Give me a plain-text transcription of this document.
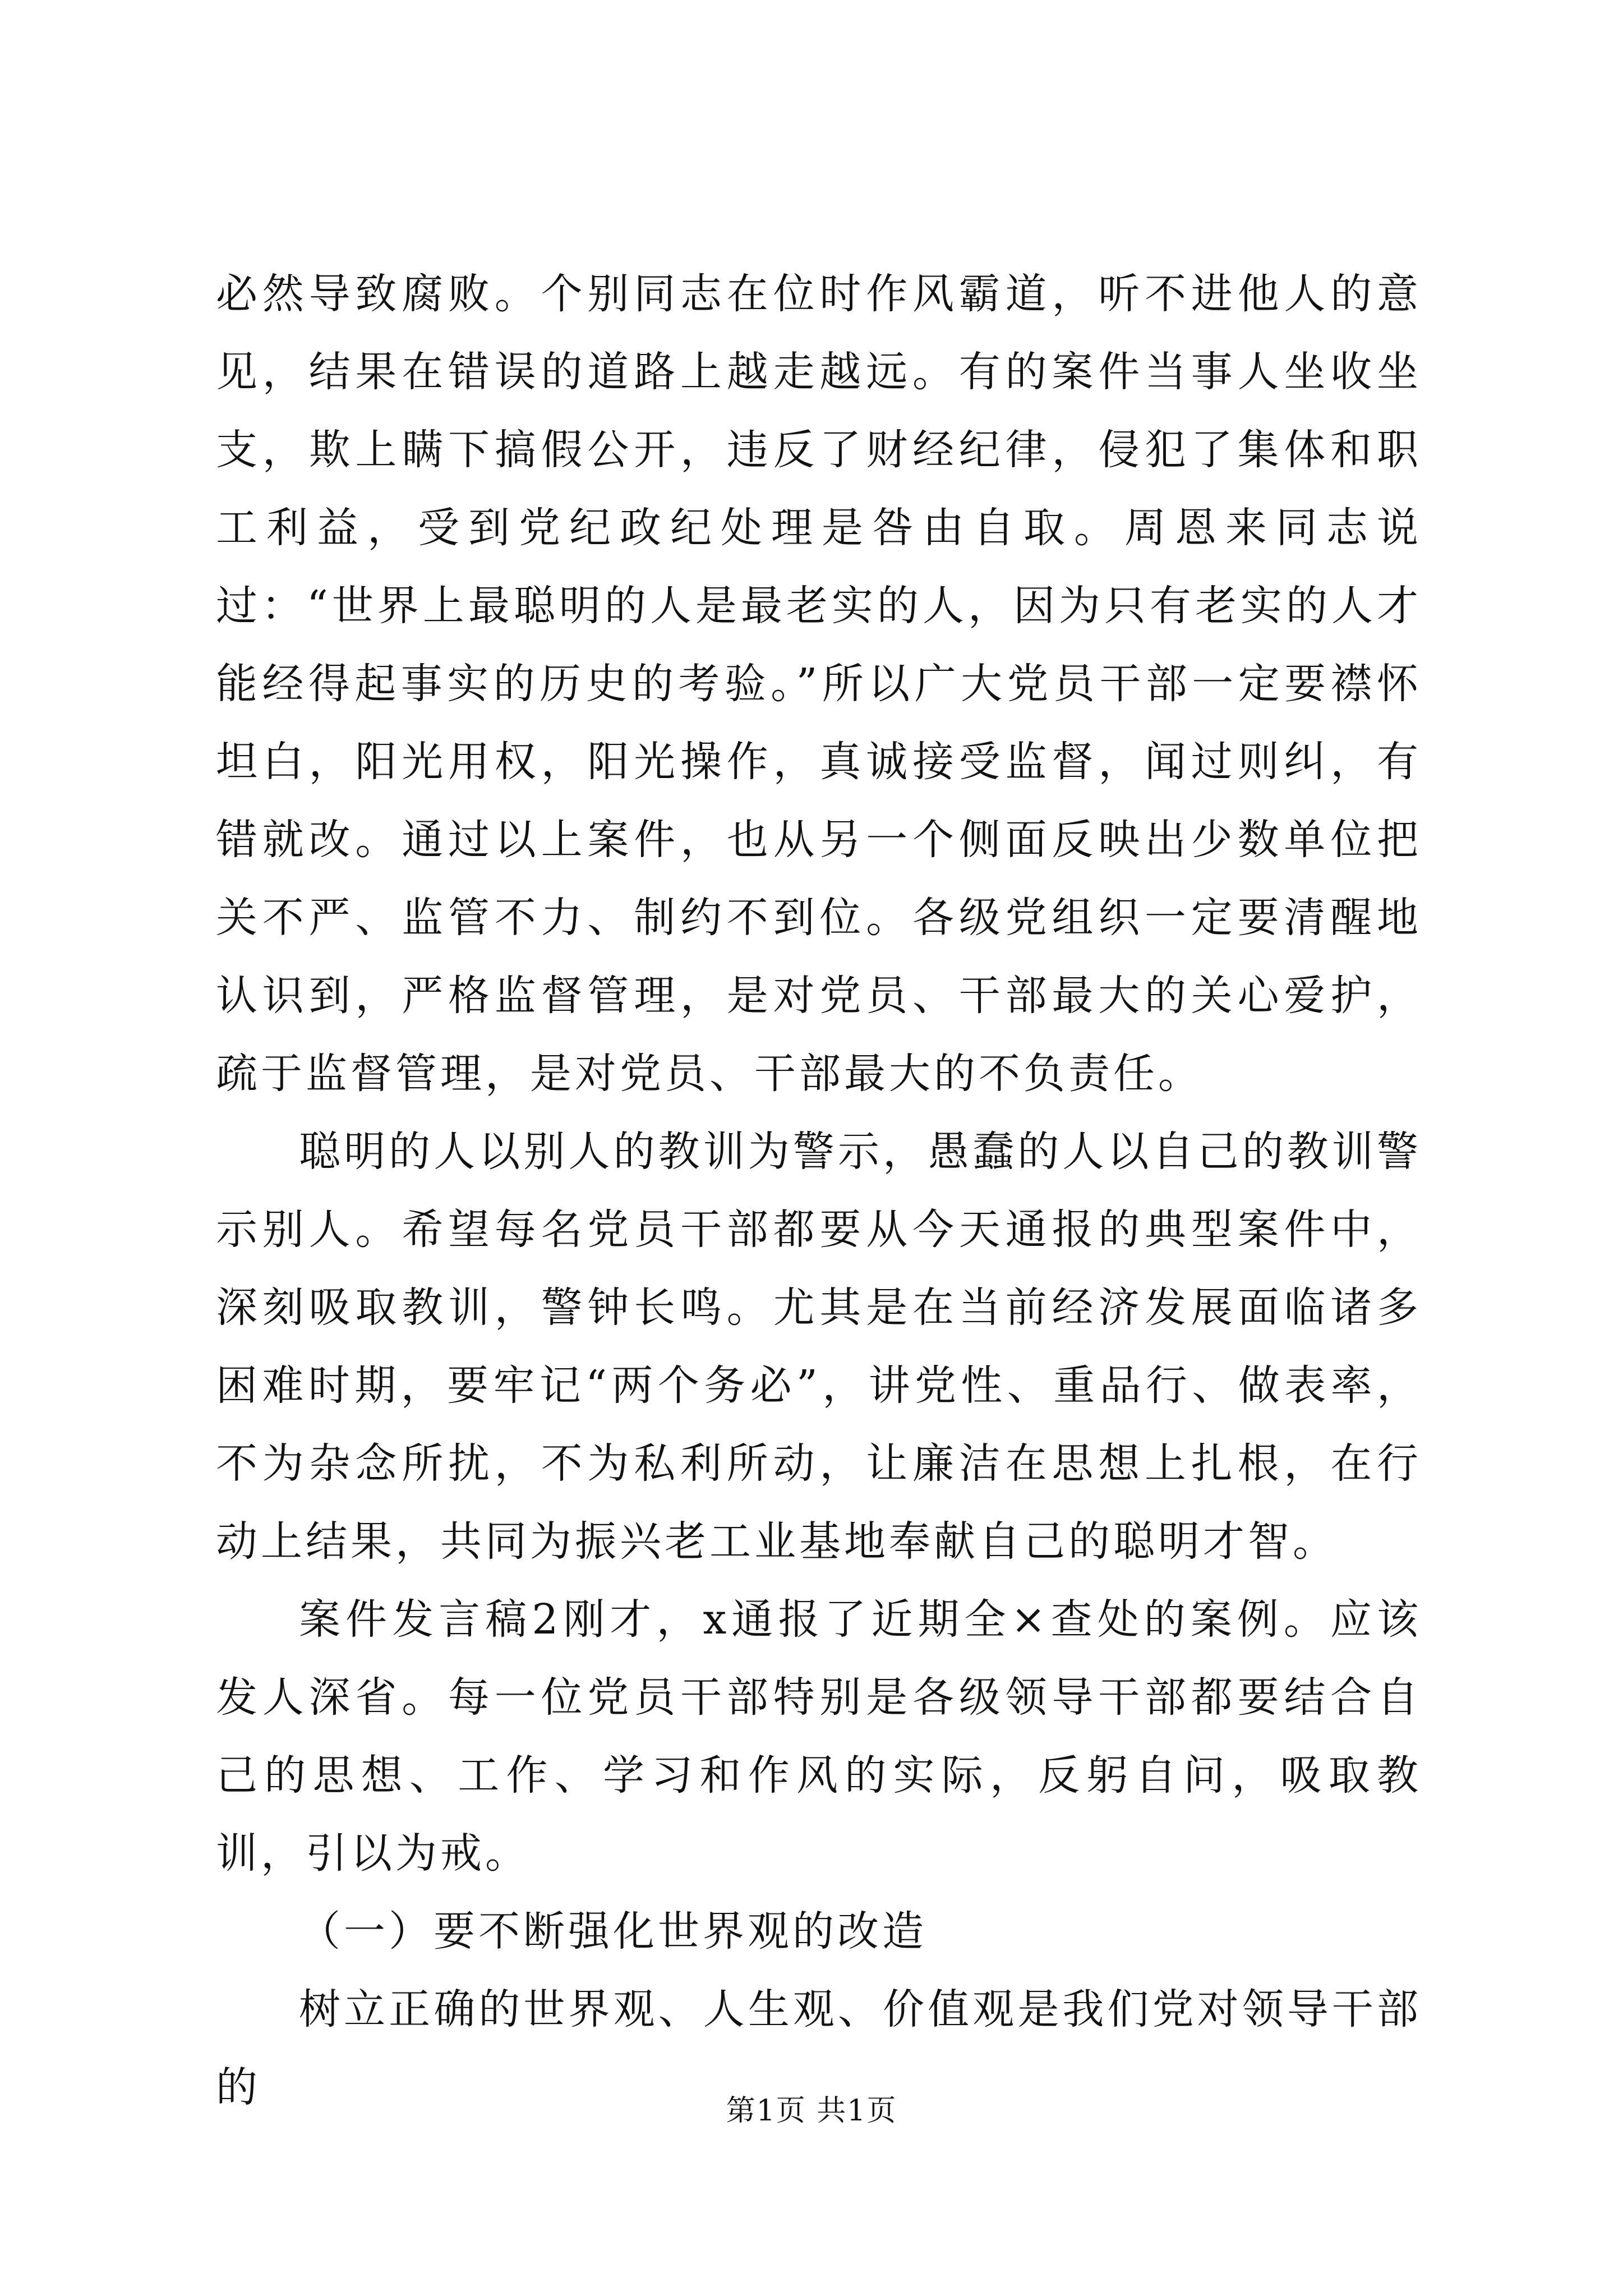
必然导致腐败。个别同志在位时作风霸道，听不进他人的意见，结果在错误的道路上越走越远。有的案件当事人坐收坐支，欺上瞒下搞假公开，违反了财经纪律，侵犯了集体和职工利益，受到党纪政纪处理是咎由自取。周恩来同志说过：“世界上最聪明的人是最老实的人，因为只有老实的人才能经得起事实的历史的考验。”所以广大党员干部一定要襟怀坦白，阳光用权，阳光操作，真诚接受监督，闻过则纠，有错就改。通过以上案件，也从另一个侧面反映出少数单位把关不严、监管不力、制约不到位。各级党组织一定要清醒地认识到，严格监督管理，是对党员、干部最大的关心爱护，疏于监督管理，是对党员、干部最大的不负责任。

聪明的人以别人的教训为警示，愚蠢的人以自己的教训警示别人。希望每名党员干部都要从今天通报的典型案件中，深刻吸取教训，警钟长鸣。尤其是在当前经济发展面临诸多困难时期，要牢记“两个务必”，讲党性、重品行、做表率，不为杂念所扰，不为私利所动，让廉洁在思想上扎根，在行动上结果，共同为振兴老工业基地奉献自己的聪明才智。

案件发言稿2刚才，x通报了近期全×查处的案例。应该发人深省。每一位党员干部特别是各级领导干部都要结合自己的思想、工作、学习和作风的实际，反躬自问，吸取教训，引以为戒。

（一）要不断强化世界观的改造

树立正确的世界观、人生观、价值观是我们党对领导干部的	第1页 共1页
